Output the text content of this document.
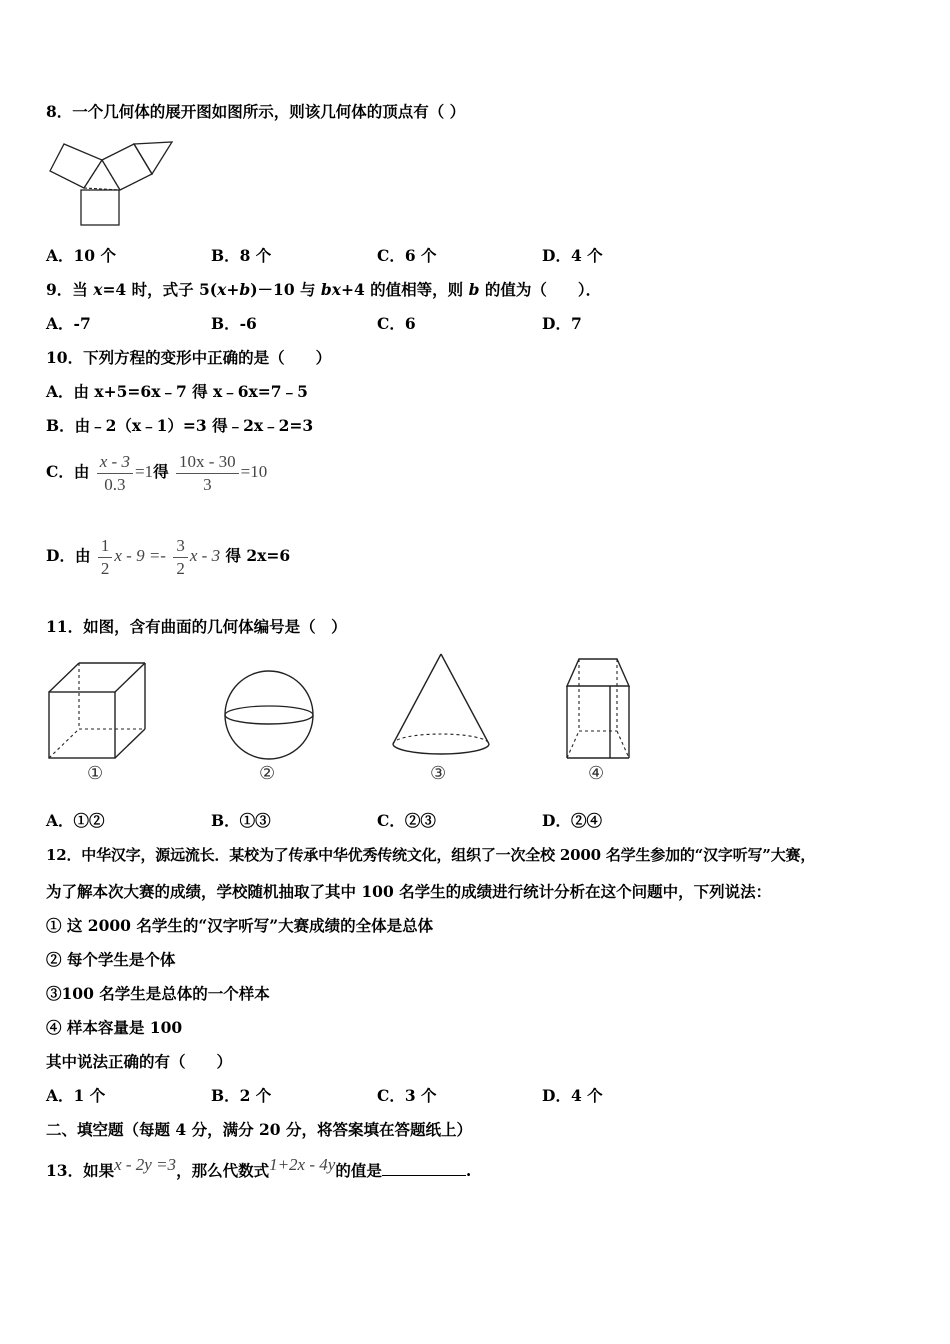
8．一个几何体的展开图如图所示，则该几何体的顶点有（ ）
A．10 个	B．8 个	C．6 个	D．4 个
9．当 x=4 时，式子 5(x+b)－10 与 bx+4 的值相等，则 b 的值为（　　）．
A．-7	B．-6	C．6	D．7
10．下列方程的变形中正确的是（　　）
A．由 x+5=6x﹣7 得 x﹣6x=7﹣5
B．由﹣2（x﹣1）=3 得﹣2x﹣2=3
C．由 $\frac{x - 3}{0.3} =1$得 $\frac{10x - 30}{3} =10$
D．由 $\frac{1}{2}$ $x - 9 =- \frac{3}{2}$ x - 3 得 2x=6
11．如图，含有曲面的几何体编号是（　）
①	②	③	④
A．①②	B．①③	C．②③	D．②④
12．中华汉字，源远流长．某校为了传承中华优秀传统文化，组织了一次全校 2000 名学生参加的“汉字听写”大赛，
为了解本次大赛的成绩，学校随机抽取了其中 100 名学生的成绩进行统计分析在这个问题中，下列说法：
① 这 2000 名学生的“汉字听写”大赛成绩的全体是总体
② 每个学生是个体
③100 名学生是总体的一个样本
④ 样本容量是 100
其中说法正确的有（　　）
A．1 个	B．2 个	C．3 个	D．4 个
二、填空题（每题 4 分，满分 20 分，将答案填在答题纸上）
13．如果x - 2y =3，那么代数式1+2x - 4y的值是	.
